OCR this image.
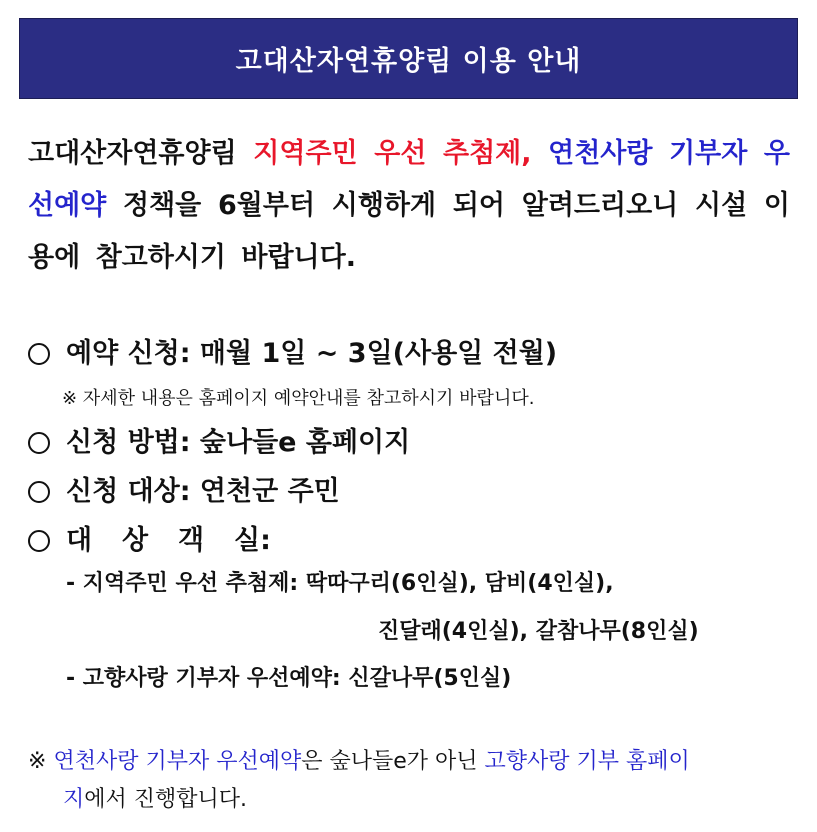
고대산자연휴양림 이용 안내
고대산자연휴양림 지역주민 우선 추첨제, 연천사랑 기부자 우선예약 정책을 6월부터 시행하게 되어 알려드리오니 시설 이용에 참고하시기 바랍니다.
예약 신청: 매월 1일 ~ 3일(사용일 전월)
※ 자세한 내용은 홈페이지 예약안내를 참고하시기 바랍니다.
신청 방법: 숲나들e 홈페이지
신청 대상: 연천군 주민
대 상 객 실:
- 지역주민 우선 추첨제: 딱따구리(6인실), 담비(4인실),
진달래(4인실), 갈참나무(8인실)
- 고향사랑 기부자 우선예약: 신갈나무(5인실)
※ 연천사랑 기부자 우선예약은 숲나들e가 아닌 고향사랑 기부 홈페이
지에서 진행합니다.
